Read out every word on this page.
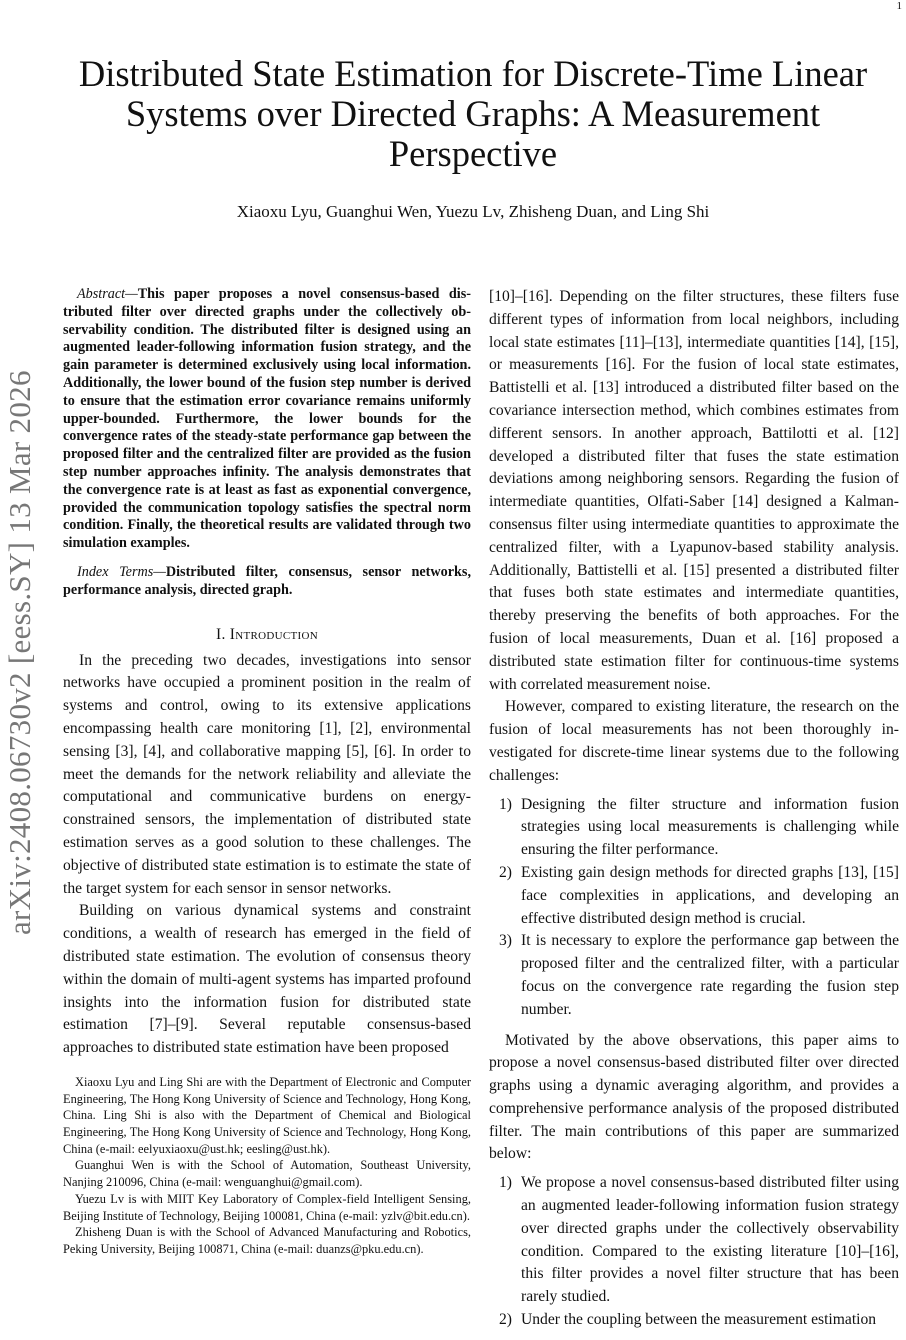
1
arXiv:2408.06730v2 [eess.SY] 13 Mar 2026
Distributed State Estimation for Discrete-Time Linear Systems over Directed Graphs: A Measurement Perspective
Xiaoxu Lyu, Guanghui Wen, Yuezu Lv, Zhisheng Duan, and Ling Shi

Abstract—This paper proposes a novel consensus-based distributed filter over directed graphs under the collectively observability condition. The distributed filter is designed using an augmented leader-following information fusion strategy, and the gain parameter is determined exclusively using local information. Additionally, the lower bound of the fusion step number is derived to ensure that the estimation error covariance remains uniformly upper-bounded. Furthermore, the lower bounds for the convergence rates of the steady-state performance gap between the proposed filter and the centralized filter are provided as the fusion step number approaches infinity. The analysis demonstrates that the convergence rate is at least as fast as exponential convergence, provided the communication topology satisfies the spectral norm condition. Finally, the theoretical results are validated through two simulation examples.

Index Terms—Distributed filter, consensus, sensor networks, performance analysis, directed graph.

I. Introduction

In the preceding two decades, investigations into sensor networks have occupied a prominent position in the realm of systems and control, owing to its extensive applications encompassing health care monitoring [1], [2], environmental sensing [3], [4], and collaborative mapping [5], [6]. In order to meet the demands for the network reliability and alleviate the computational and communicative burdens on energy-constrained sensors, the implementation of distributed state estimation serves as a good solution to these challenges. The objective of distributed state estimation is to estimate the state of the target system for each sensor in sensor networks.

Building on various dynamical systems and constraint conditions, a wealth of research has emerged in the field of distributed state estimation. The evolution of consensus theory within the domain of multi-agent systems has imparted profound insights into the information fusion for distributed state estimation [7]–[9]. Several reputable consensus-based approaches to distributed state estimation have been proposed

Xiaoxu Lyu and Ling Shi are with the Department of Electronic and Computer Engineering, The Hong Kong University of Science and Technology, Hong Kong, China. Ling Shi is also with the Department of Chemical and Biological Engineering, The Hong Kong University of Science and Technology, Hong Kong, China (e-mail: eelyuxiaoxu@ust.hk; eesling@ust.hk).

Guanghui Wen is with the School of Automation, Southeast University, Nanjing 210096, China (e-mail: wenguanghui@gmail.com).

Yuezu Lv is with MIIT Key Laboratory of Complex-field Intelligent Sensing, Beijing Institute of Technology, Beijing 100081, China (e-mail: yzlv@bit.edu.cn).

Zhisheng Duan is with the School of Advanced Manufacturing and Robotics, Peking University, Beijing 100871, China (e-mail: duanzs@pku.edu.cn).

[10]–[16]. Depending on the filter structures, these filters fuse different types of information from local neighbors, including local state estimates [11]–[13], intermediate quantities [14], [15], or measurements [16]. For the fusion of local state estimates, Battistelli et al. [13] introduced a distributed filter based on the covariance intersection method, which combines estimates from different sensors. In another approach, Battilotti et al. [12] developed a distributed filter that fuses the state estimation deviations among neighboring sensors. Regarding the fusion of intermediate quantities, Olfati-Saber [14] designed a Kalman-consensus filter using intermediate quantities to approximate the centralized filter, with a Lyapunov-based stability analysis. Additionally, Battistelli et al. [15] presented a distributed filter that fuses both state estimates and intermediate quantities, thereby preserving the benefits of both approaches. For the fusion of local measurements, Duan et al. [16] proposed a distributed state estimation filter for continuous-time systems with correlated measurement noise.

However, compared to existing literature, the research on the fusion of local measurements has not been thoroughly investigated for discrete-time linear systems due to the following challenges:

1) Designing the filter structure and information fusion strategies using local measurements is challenging while ensuring the filter performance.
2) Existing gain design methods for directed graphs [13], [15] face complexities in applications, and developing an effective distributed design method is crucial.
3) It is necessary to explore the performance gap between the proposed filter and the centralized filter, with a particular focus on the convergence rate regarding the fusion step number.

Motivated by the above observations, this paper aims to propose a novel consensus-based distributed filter over directed graphs using a dynamic averaging algorithm, and provides a comprehensive performance analysis of the proposed distributed filter. The main contributions of this paper are summarized below:

1) We propose a novel consensus-based distributed filter using an augmented leader-following information fusion strategy over directed graphs under the collectively observability condition. Compared to the existing literature [10]–[16], this filter provides a novel filter structure that has been rarely studied.
2) Under the coupling between the measurement estimation
